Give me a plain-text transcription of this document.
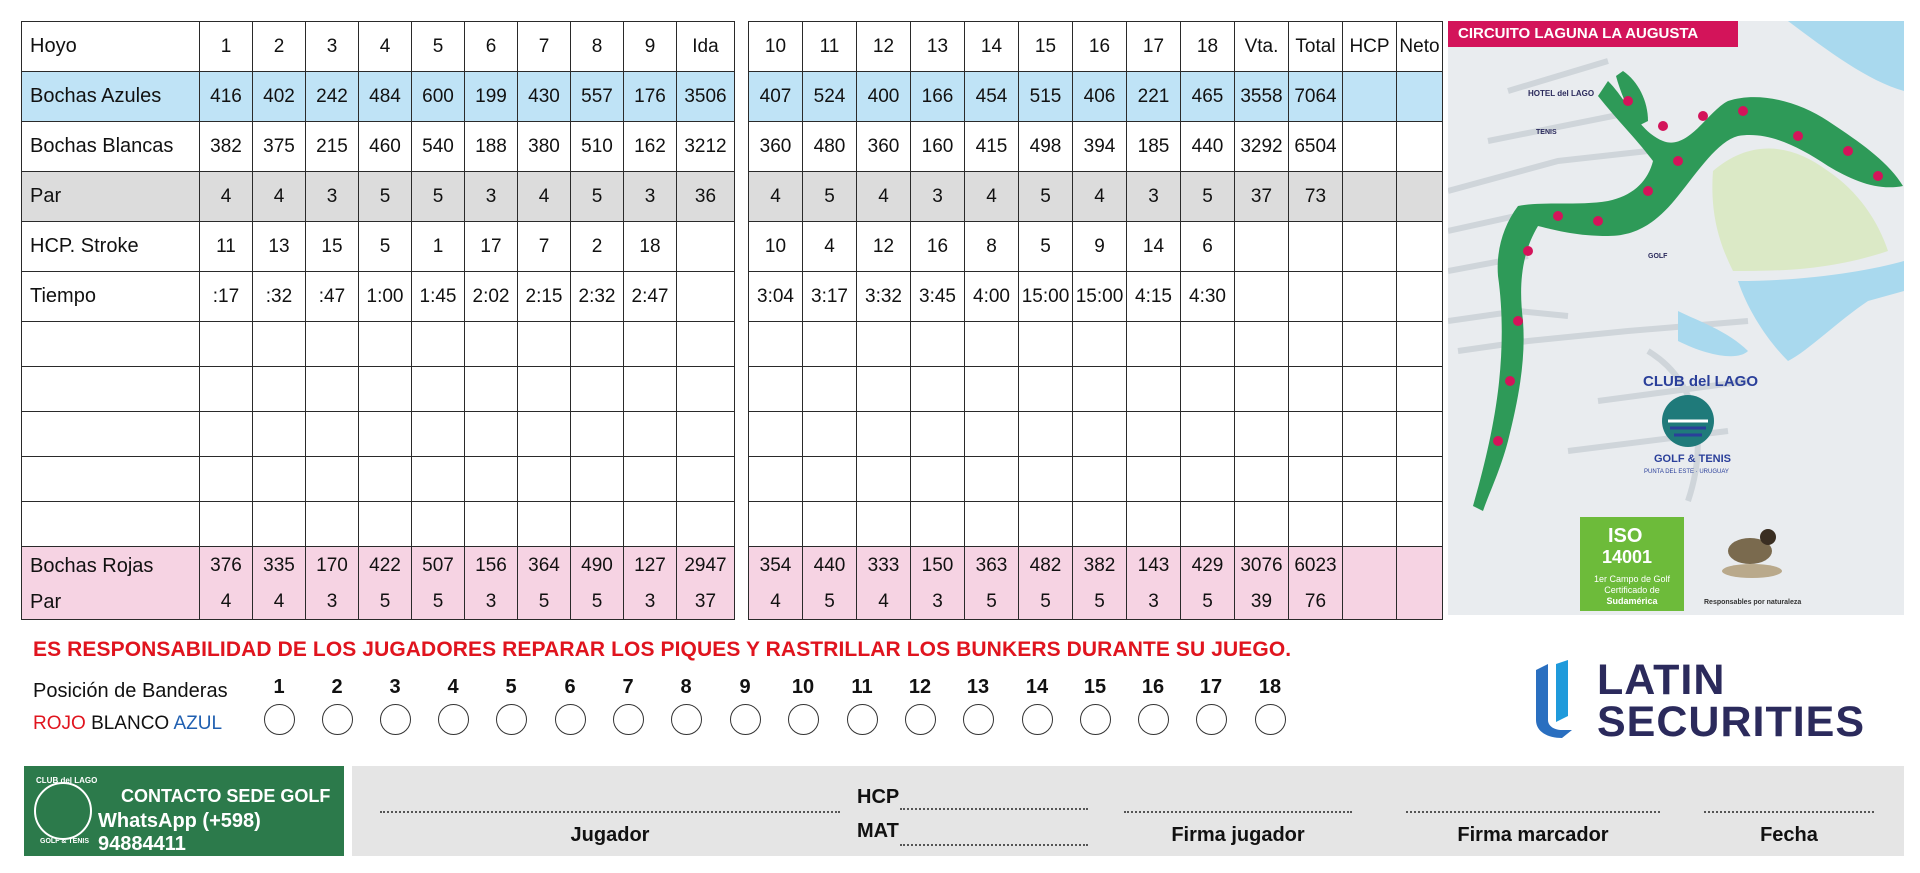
Hoyo	1	2	3	4	5	6	7	8	9	Ida
Bochas Azules	416	402	242	484	600	199	430	557	176	3506
Bochas Blancas	382	375	215	460	540	188	380	510	162	3212
Par	4	4	3	5	5	3	4	5	3	36
HCP. Stroke	11	13	15	5	1	17	7	2	18	
Tiempo	:17	:32	:47	1:00	1:45	2:02	2:15	2:32	2:47	

Bochas Rojas	376	335	170	422	507	156	364	490	127	2947
Par	4	4	3	5	5	3	5	5	3	37
10	11	12	13	14	15	16	17	18	Vta.	Total	HCP	Neto
407	524	400	166	454	515	406	221	465	3558	7064		
360	480	360	160	415	498	394	185	440	3292	6504		
4	5	4	3	4	5	4	3	5	37	73		
10	4	12	16	8	5	9	14	6				
3:04	3:17	3:32	3:45	4:00	15:00	15:00	4:15	4:30				

354	440	333	150	363	482	382	143	429	3076	6023		
4	5	4	3	5	5	5	3	5	39	76		
CIRCUITO LAGUNA LA AUGUSTA
HOTEL del LAGO
TENIS
GOLF
CLUB del LAGO
GOLF & TENIS
PUNTA DEL ESTE · URUGUAY
ISO
14001
1er Campo de Golf
Certificado de
Sudamérica	Responsables por naturaleza
ES RESPONSABILIDAD DE LOS JUGADORES REPARAR LOS PIQUES Y RASTRILLAR LOS BUNKERS DURANTE SU JUEGO.
Posición de Banderas
ROJO BLANCO AZUL
1	2	3	4	5	6	7	8	9	10	11	12 13 14 15 16 17 18	LATIN
SECURITIES
CLUB del LAGO
GOLF & TENIS
CONTACTO SEDE GOLF
WhatsApp (+598) 94884411	Jugador
HCP
MAT	Firma jugador	Firma marcador	Fecha
